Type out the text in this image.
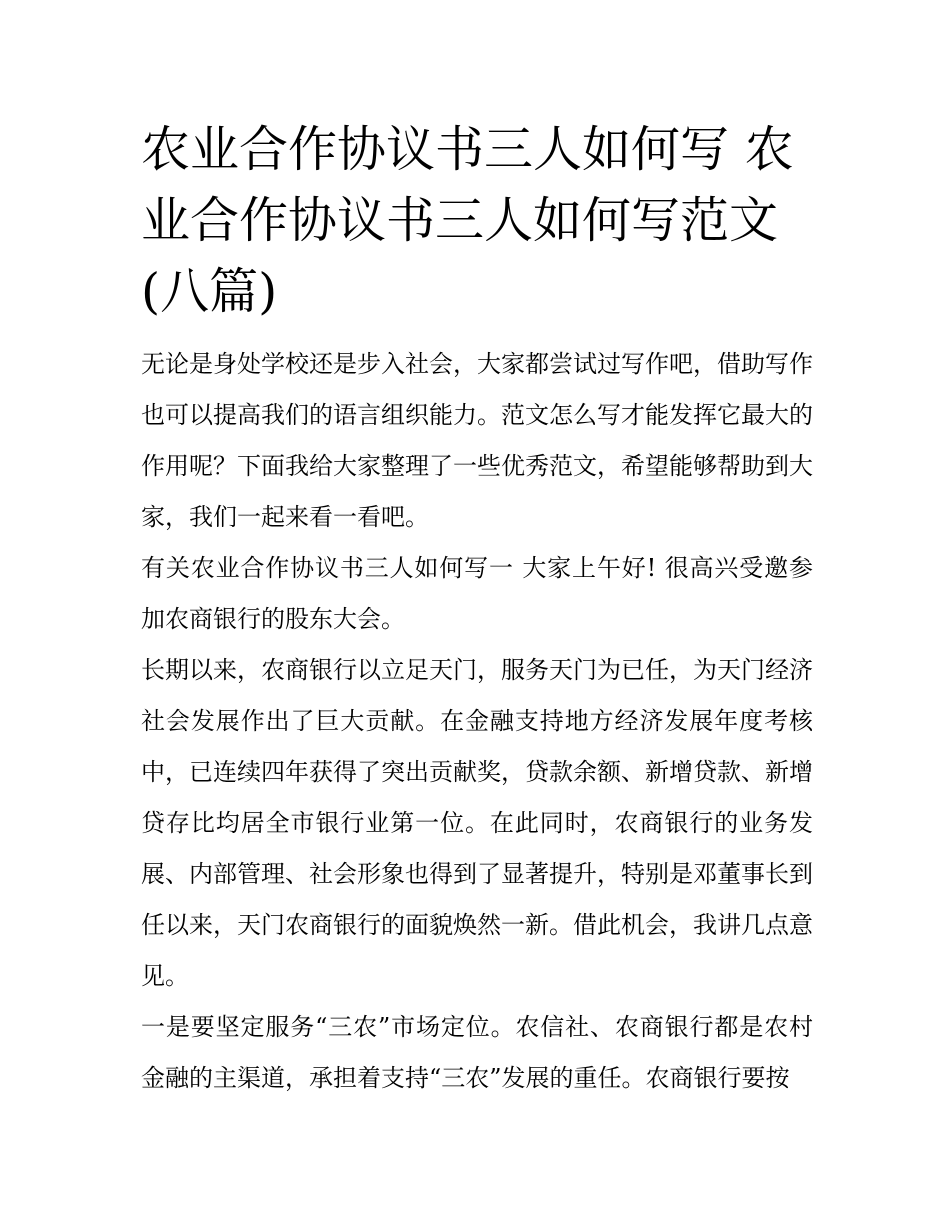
农业合作协议书三人如何写 农业合作协议书三人如何写范文(八篇)

无论是身处学校还是步入社会，大家都尝试过写作吧，借助写作也可以提高我们的语言组织能力。范文怎么写才能发挥它最大的作用呢？下面我给大家整理了一些优秀范文，希望能够帮助到大家，我们一起来看一看吧。

有关农业合作协议书三人如何写一 大家上午好! 很高兴受邀参加农商银行的股东大会。

长期以来，农商银行以立足天门，服务天门为已任，为天门经济社会发展作出了巨大贡献。在金融支持地方经济发展年度考核中，已连续四年获得了突出贡献奖，贷款余额、新增贷款、新增贷存比均居全市银行业第一位。在此同时，农商银行的业务发展、内部管理、社会形象也得到了显著提升，特别是邓董事长到任以来，天门农商银行的面貌焕然一新。借此机会，我讲几点意见。

一是要坚定服务“三农”市场定位。农信社、农商银行都是农村金融的主渠道，承担着支持“三农”发展的重任。农商银行要按
